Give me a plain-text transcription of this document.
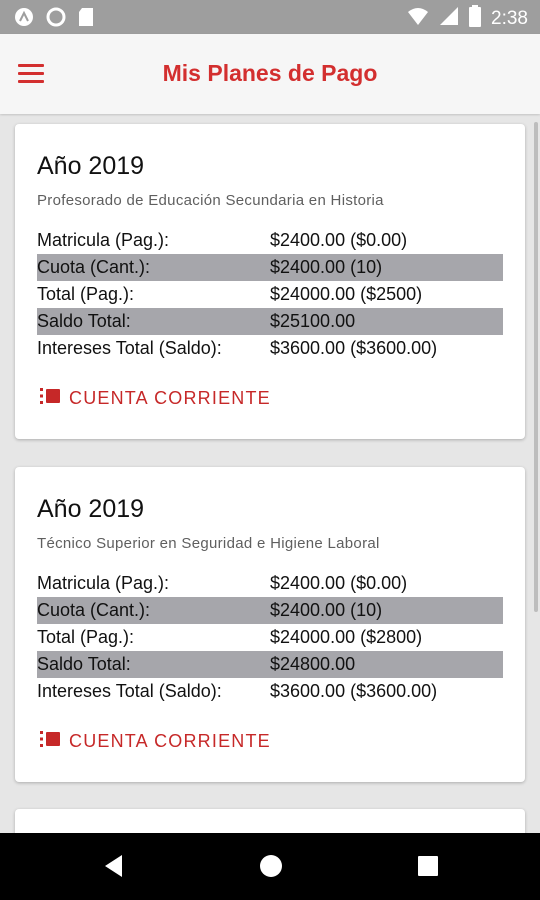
2:38
Mis Planes de Pago
Año 2019
Profesorado de Educación Secundaria en Historia
Matricula (Pag.):	$2400.00 ($0.00)
Cuota (Cant.):	$2400.00 (10)
Total (Pag.):	$24000.00 ($2500)
Saldo Total:	$25100.00
Intereses Total (Saldo):	$3600.00 ($3600.00)
CUENTA CORRIENTE
Año 2019
Técnico Superior en Seguridad e Higiene Laboral
Matricula (Pag.):	$2400.00 ($0.00)
Cuota (Cant.):	$2400.00 (10)
Total (Pag.):	$24000.00 ($2800)
Saldo Total:	$24800.00
Intereses Total (Saldo):	$3600.00 ($3600.00)
CUENTA CORRIENTE
